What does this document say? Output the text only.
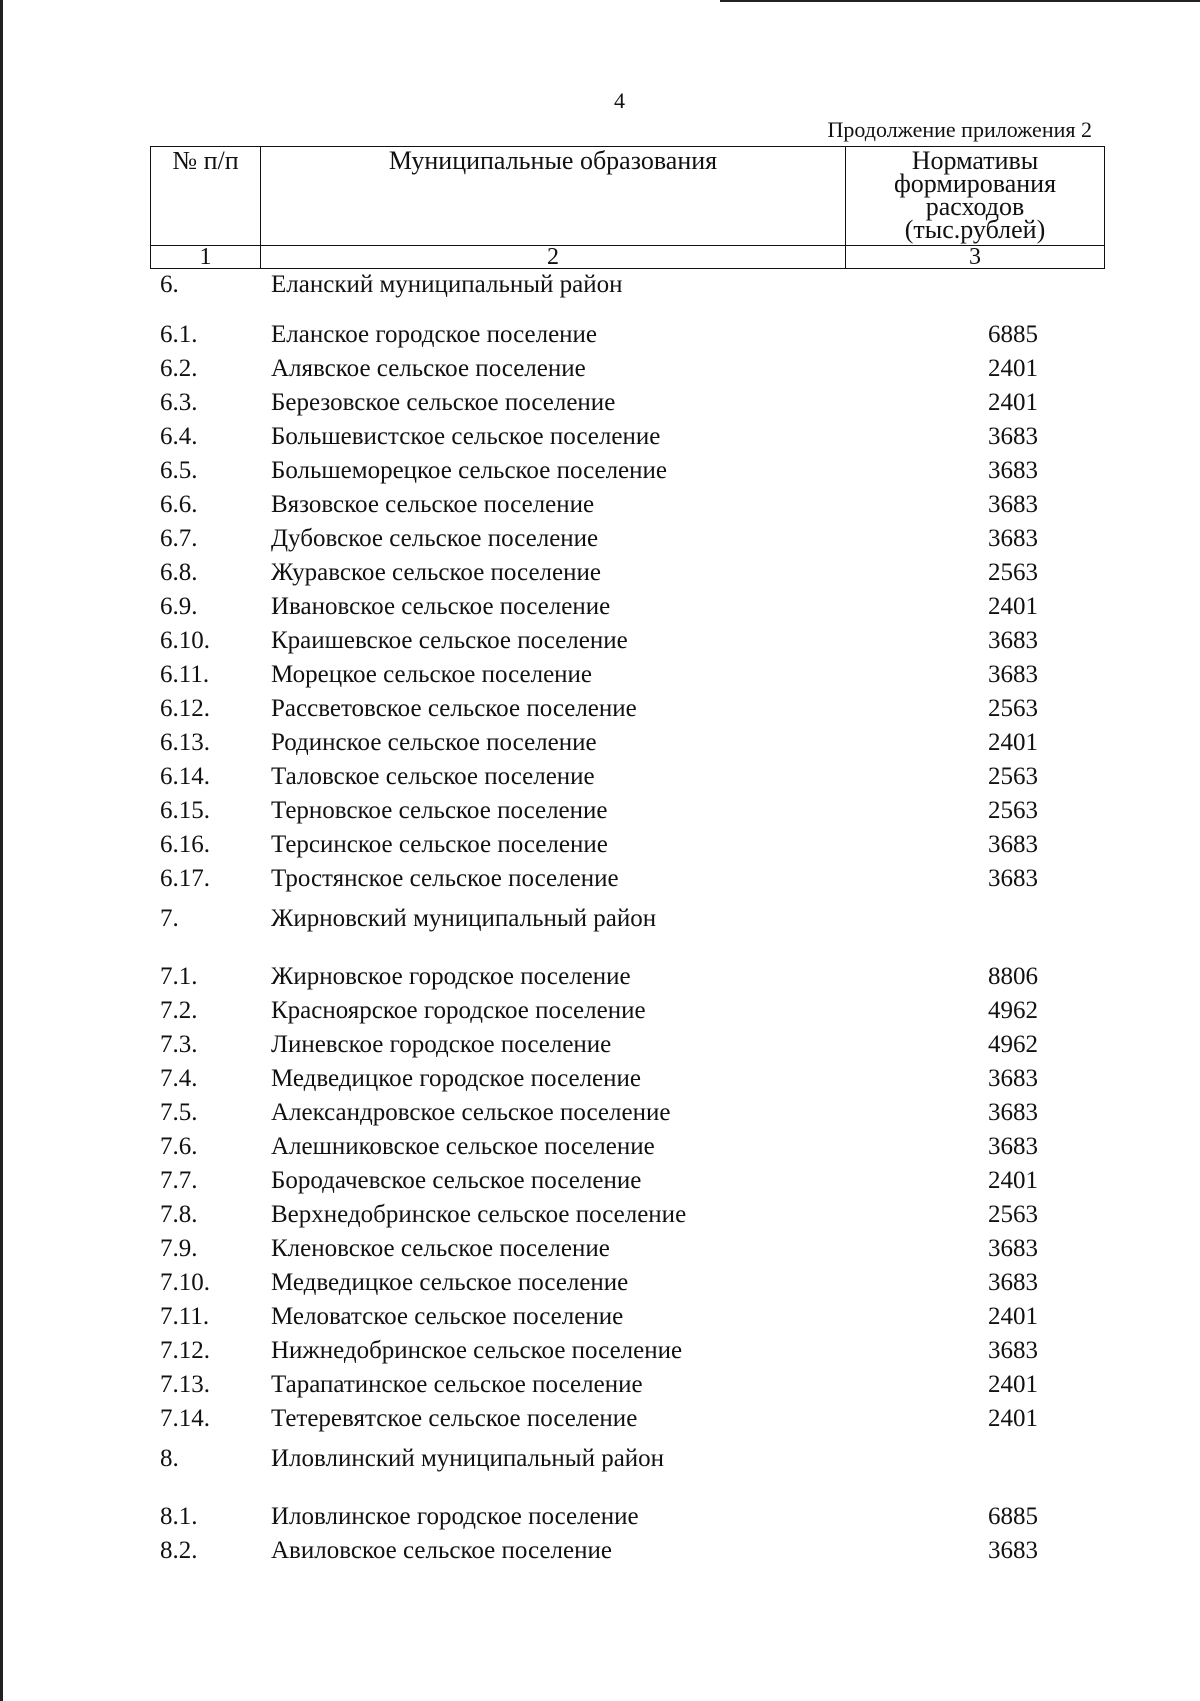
4
Продолжение приложения 2
№ п/п	Муниципальные образования	Нормативы
формирования
расходов
(тыс.рублей)

1	2	3
6.	Еланский муниципальный район
6.1.	Еланское городское поселение	6885
6.2.	Алявское сельское поселение	2401
6.3.	Березовское сельское поселение	2401
6.4.	Большевистское сельское поселение	3683
6.5.	Большеморецкое сельское поселение	3683
6.6.	Вязовское сельское поселение	3683
6.7.	Дубовское сельское поселение	3683
6.8.	Журавское сельское поселение	2563
6.9.	Ивановское сельское поселение	2401
6.10. Краишевское сельское поселение	3683
6.11. Морецкое сельское поселение	3683
6.12. Рассветовское сельское поселение	2563
6.13. Родинское сельское поселение	2401
6.14. Таловское сельское поселение	2563
6.15. Терновское сельское поселение	2563
6.16. Терсинское сельское поселение	3683
6.17. Тростянское сельское поселение	3683
7.	Жирновский муниципальный район
7.1.	Жирновское городское поселение	8806
7.2.	Красноярское городское поселение	4962
7.3.	Линевское городское поселение	4962
7.4.	Медведицкое городское поселение	3683
7.5.	Александровское сельское поселение	3683
7.6.	Алешниковское сельское поселение	3683
7.7.	Бородачевское сельское поселение	2401
7.8.	Верхнедобринское сельское поселение	2563
7.9.	Кленовское сельское поселение	3683
7.10. Медведицкое сельское поселение	3683
7.11. Меловатское сельское поселение	2401
7.12. Нижнедобринское сельское поселение	3683
7.13. Тарапатинское сельское поселение	2401
7.14. Тетеревятское сельское поселение	2401
8.	Иловлинский муниципальный район
8.1.	Иловлинское городское поселение	6885
8.2.	Авиловское сельское поселение	3683
